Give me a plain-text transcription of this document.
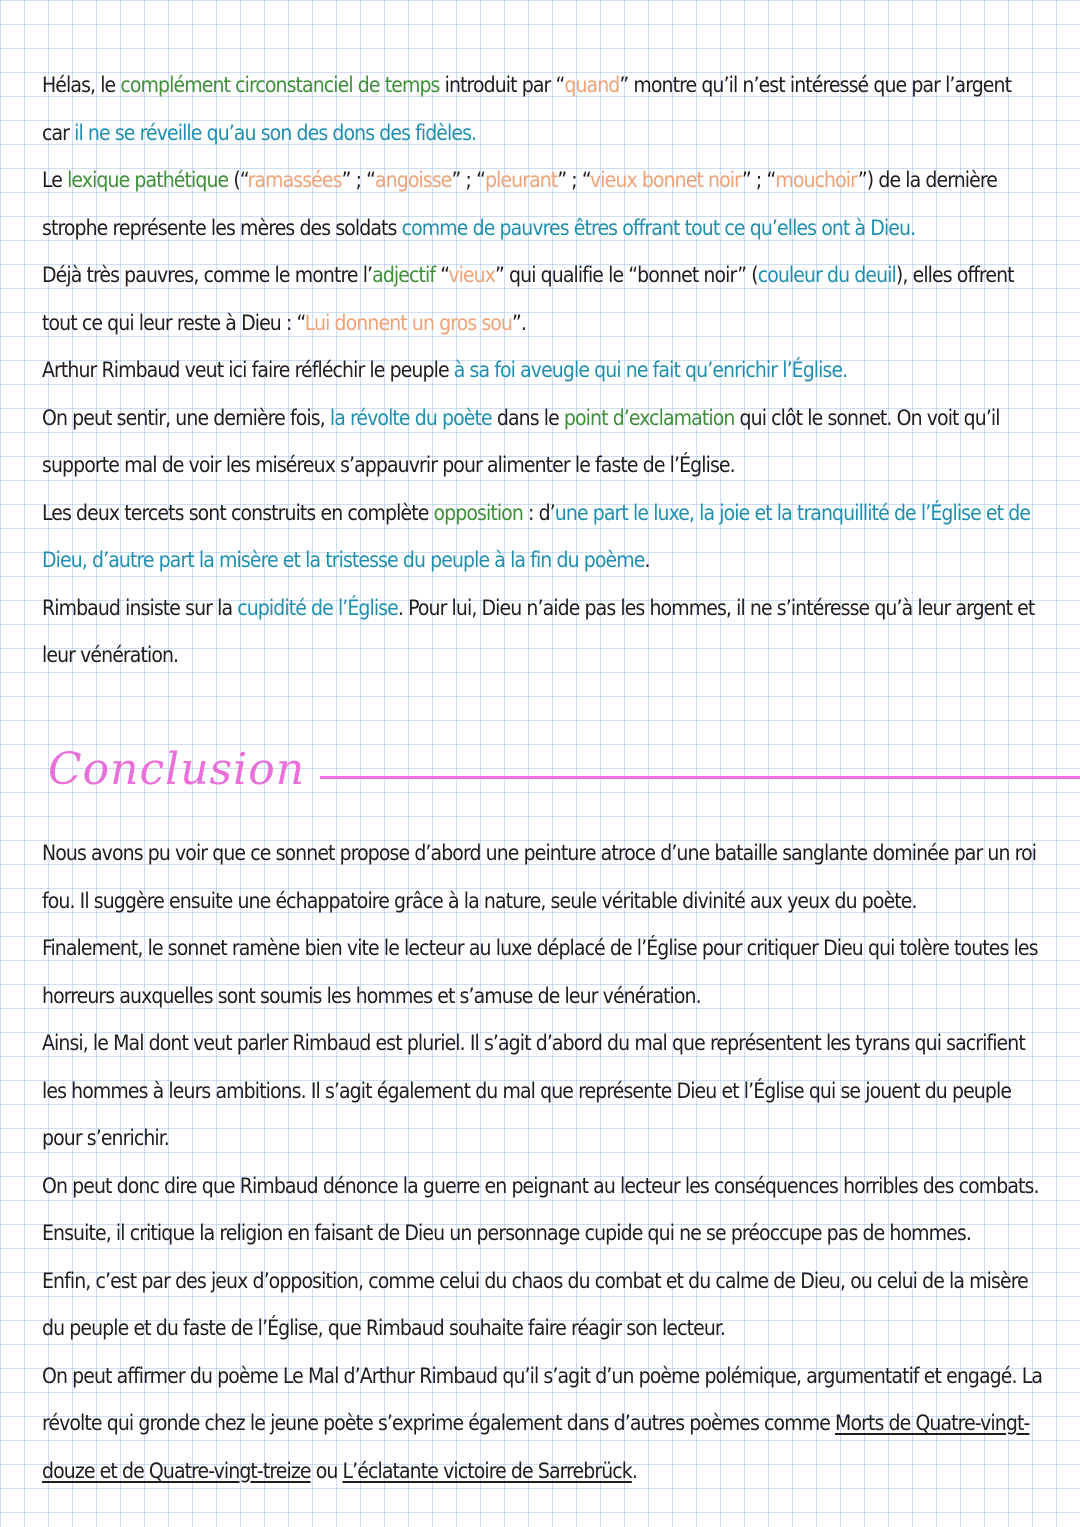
Hélas, le complément circonstanciel de temps introduit par “quand” montre qu’il n’est intéressé que par l’argent car il ne se réveille qu’au son des dons des fidèles.
Le lexique pathétique (“ramassées” ; “angoisse” ; “pleurant” ; “vieux bonnet noir” ; “mouchoir”) de la dernière strophe représente les mères des soldats comme de pauvres êtres offrant tout ce qu’elles ont à Dieu.
Déjà très pauvres, comme le montre l’adjectif “vieux” qui qualifie le “bonnet noir” (couleur du deuil), elles offrent tout ce qui leur reste à Dieu : “Lui donnent un gros sou”.
Arthur Rimbaud veut ici faire réfléchir le peuple à sa foi aveugle qui ne fait qu’enrichir l’Église.
On peut sentir, une dernière fois, la révolte du poète dans le point d’exclamation qui clôt le sonnet. On voit qu’il supporte mal de voir les miséreux s’appauvrir pour alimenter le faste de l’Église.
Les deux tercets sont construits en complète opposition : d’une part le luxe, la joie et la tranquillité de l’Église et de Dieu, d’autre part la misère et la tristesse du peuple à la fin du poème.
Rimbaud insiste sur la cupidité de l’Église. Pour lui, Dieu n’aide pas les hommes, il ne s’intéresse qu’à leur argent et leur vénération.
Conclusion
Nous avons pu voir que ce sonnet propose d’abord une peinture atroce d’une bataille sanglante dominée par un roi fou. Il suggère ensuite une échappatoire grâce à la nature, seule véritable divinité aux yeux du poète.
Finalement, le sonnet ramène bien vite le lecteur au luxe déplacé de l’Église pour critiquer Dieu qui tolère toutes les horreurs auxquelles sont soumis les hommes et s’amuse de leur vénération.
Ainsi, le Mal dont veut parler Rimbaud est pluriel. Il s’agit d’abord du mal que représentent les tyrans qui sacrifient les hommes à leurs ambitions. Il s’agit également du mal que représente Dieu et l’Église qui se jouent du peuple pour s’enrichir.
On peut donc dire que Rimbaud dénonce la guerre en peignant au lecteur les conséquences horribles des combats. Ensuite, il critique la religion en faisant de Dieu un personnage cupide qui ne se préoccupe pas de hommes.
Enfin, c’est par des jeux d’opposition, comme celui du chaos du combat et du calme de Dieu, ou celui de la misère du peuple et du faste de l’Église, que Rimbaud souhaite faire réagir son lecteur.
On peut affirmer du poème Le Mal d’Arthur Rimbaud qu’il s’agit d’un poème polémique, argumentatif et engagé. La révolte qui gronde chez le jeune poète s’exprime également dans d’autres poèmes comme Morts de Quatre-vingt-douze et de Quatre-vingt-treize ou L’éclatante victoire de Sarrebrück.
